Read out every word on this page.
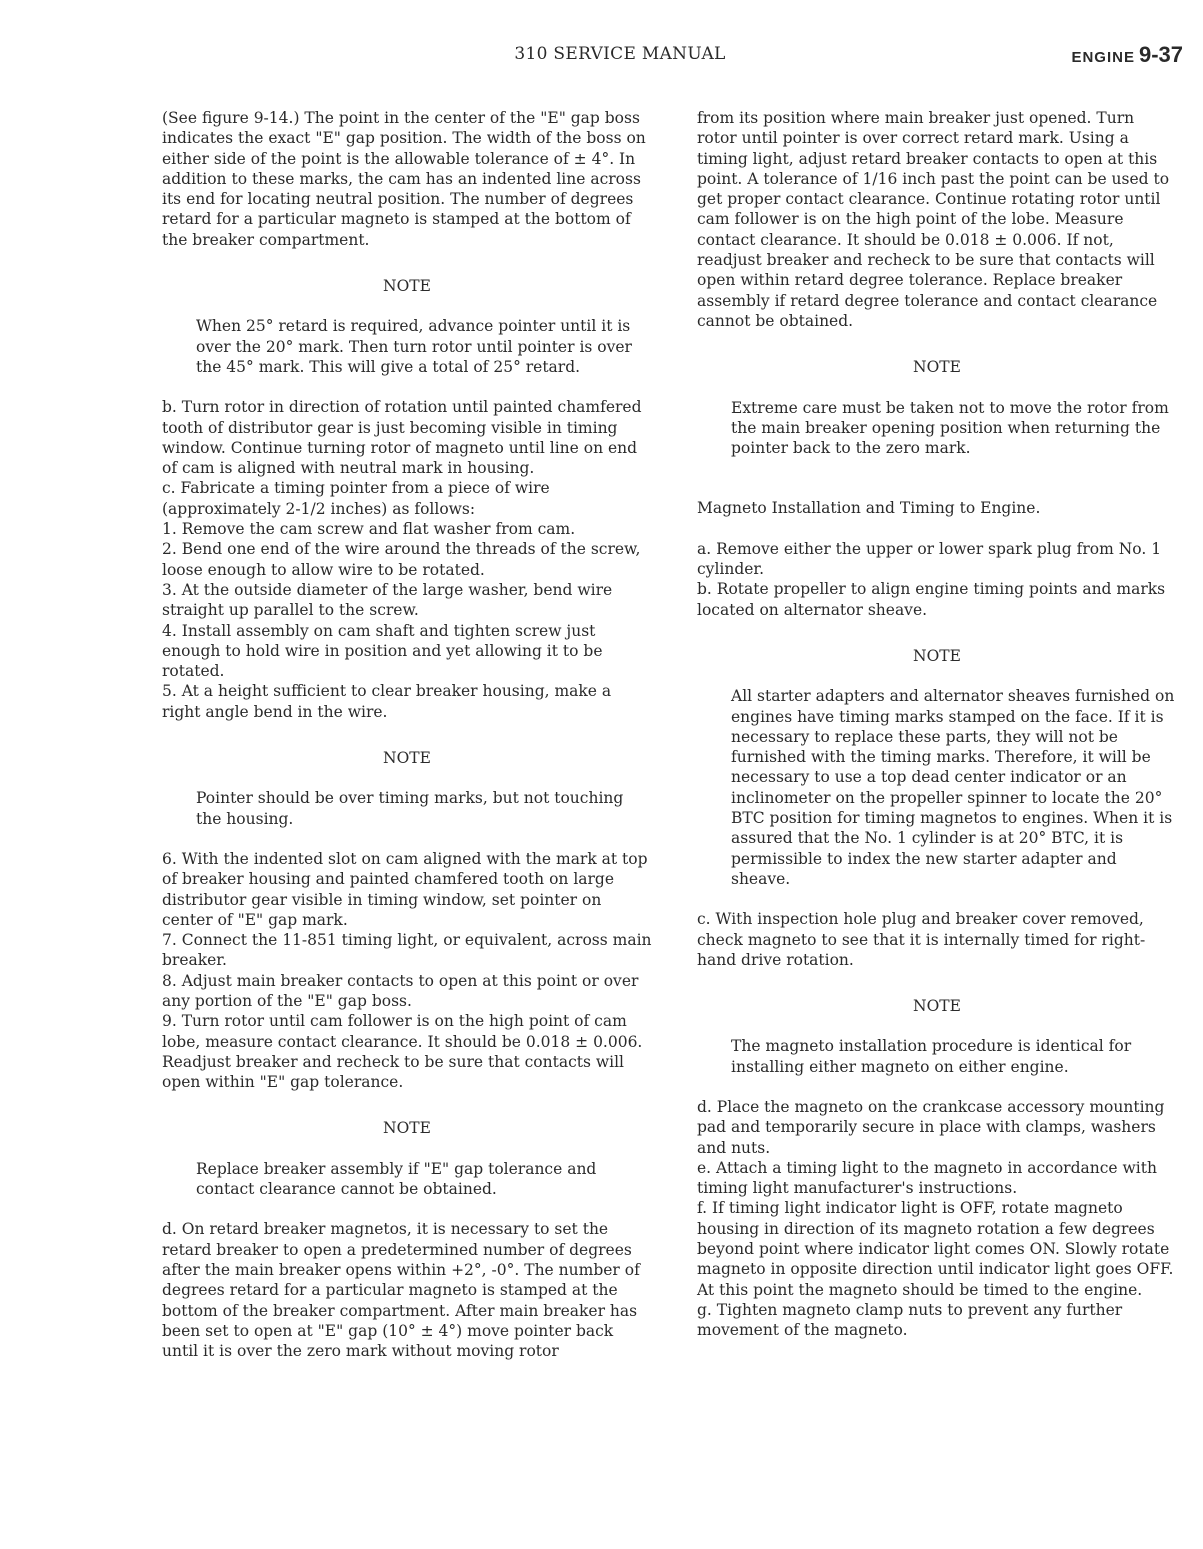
310 SERVICE MANUAL	ENGINE 9-37

(See figure 9-14.) The point in the center of the "E" gap boss indicates the exact "E" gap position. The width of the boss on either side of the point is the allowable tolerance of ± 4°. In addition to these marks, the cam has an indented line across its end for locating neutral position. The number of degrees retard for a particular magneto is stamped at the bottom of the breaker compartment.

NOTE

When 25° retard is required, advance pointer until it is over the 20° mark. Then turn rotor until pointer is over the 45° mark. This will give a total of 25° retard.

b. Turn rotor in direction of rotation until painted chamfered tooth of distributor gear is just becoming visible in timing window. Continue turning rotor of magneto until line on end of cam is aligned with neutral mark in housing.

c. Fabricate a timing pointer from a piece of wire (approximately 2-1/2 inches) as follows:

1. Remove the cam screw and flat washer from cam.

2. Bend one end of the wire around the threads of the screw, loose enough to allow wire to be rotated.

3. At the outside diameter of the large washer, bend wire straight up parallel to the screw.

4. Install assembly on cam shaft and tighten screw just enough to hold wire in position and yet allowing it to be rotated.

5. At a height sufficient to clear breaker housing, make a right angle bend in the wire.

NOTE

Pointer should be over timing marks, but not touching the housing.

6. With the indented slot on cam aligned with the mark at top of breaker housing and painted chamfered tooth on large distributor gear visible in timing window, set pointer on center of "E" gap mark.

7. Connect the 11-851 timing light, or equivalent, across main breaker.

8. Adjust main breaker contacts to open at this point or over any portion of the "E" gap boss.

9. Turn rotor until cam follower is on the high point of cam lobe, measure contact clearance. It should be 0.018 ± 0.006. Readjust breaker and recheck to be sure that contacts will open within "E" gap tolerance.

NOTE

Replace breaker assembly if "E" gap tolerance and contact clearance cannot be obtained.

d. On retard breaker magnetos, it is necessary to set the retard breaker to open a predetermined number of degrees after the main breaker opens within +2°, -0°. The number of degrees retard for a particular magneto is stamped at the bottom of the breaker compartment. After main breaker has been set to open at "E" gap (10° ± 4°) move pointer back until it is over the zero mark without moving rotor

from its position where main breaker just opened. Turn rotor until pointer is over correct retard mark. Using a timing light, adjust retard breaker contacts to open at this point. A tolerance of 1/16 inch past the point can be used to get proper contact clearance. Continue rotating rotor until cam follower is on the high point of the lobe. Measure contact clearance. It should be 0.018 ± 0.006. If not, readjust breaker and recheck to be sure that contacts will open within retard degree tolerance. Replace breaker assembly if retard degree tolerance and contact clearance cannot be obtained.

NOTE

Extreme care must be taken not to move the rotor from the main breaker opening position when returning the pointer back to the zero mark.

Magneto Installation and Timing to Engine.

a. Remove either the upper or lower spark plug from No. 1 cylinder.

b. Rotate propeller to align engine timing points and marks located on alternator sheave.

NOTE

All starter adapters and alternator sheaves furnished on engines have timing marks stamped on the face. If it is necessary to replace these parts, they will not be furnished with the timing marks. Therefore, it will be necessary to use a top dead center indicator or an inclinometer on the propeller spinner to locate the 20° BTC position for timing magnetos to engines. When it is assured that the No. 1 cylinder is at 20° BTC, it is permissible to index the new starter adapter and sheave.

c. With inspection hole plug and breaker cover removed, check magneto to see that it is internally timed for right-hand drive rotation.

NOTE

The magneto installation procedure is identical for installing either magneto on either engine.

d. Place the magneto on the crankcase accessory mounting pad and temporarily secure in place with clamps, washers and nuts.

e. Attach a timing light to the magneto in accordance with timing light manufacturer's instructions.

f. If timing light indicator light is OFF, rotate magneto housing in direction of its magneto rotation a few degrees beyond point where indicator light comes ON. Slowly rotate magneto in opposite direction until indicator light goes OFF. At this point the magneto should be timed to the engine.

g. Tighten magneto clamp nuts to prevent any further movement of the magneto.
